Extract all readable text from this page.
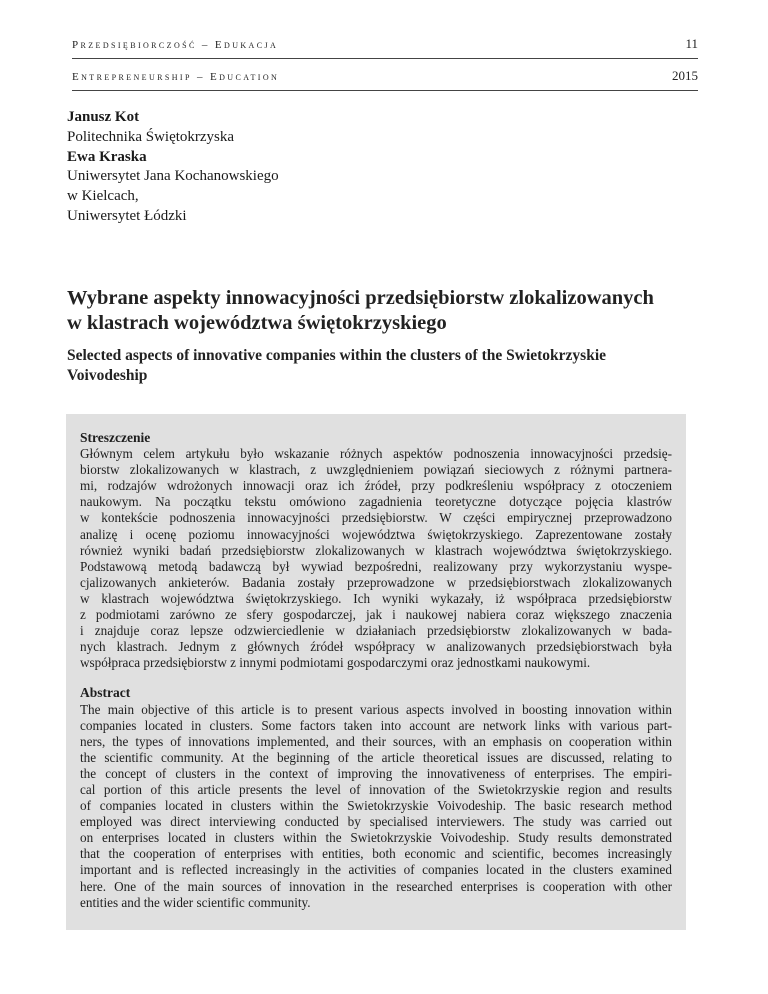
Przedsiębiorczość – Edukacja	11
Entrepreneurship – Education	2015
Janusz Kot
Politechnika Świętokrzyska
Ewa Kraska
Uniwersytet Jana Kochanowskiego
w Kielcach,
Uniwersytet Łódzki
Wybrane aspekty innowacyjności przedsiębiorstw zlokalizowanych
w klastrach województwa świętokrzyskiego
Selected aspects of innovative companies within the clusters of the Swietokrzyskie
Voivodeship
Streszczenie
Głównym celem artykułu było wskazanie różnych aspektów podnoszenia innowacyjności przedsię-
biorstw zlokalizowanych w klastrach, z uwzględnieniem powiązań sieciowych z różnymi partnera-
mi, rodzajów wdrożonych innowacji oraz ich źródeł, przy podkreśleniu współpracy z otoczeniem
naukowym. Na początku tekstu omówiono zagadnienia teoretyczne dotyczące pojęcia klastrów
w kontekście podnoszenia innowacyjności przedsiębiorstw. W części empirycznej przeprowadzono
analizę i ocenę poziomu innowacyjności województwa świętokrzyskiego. Zaprezentowane zostały
również wyniki badań przedsiębiorstw zlokalizowanych w klastrach województwa świętokrzyskiego.
Podstawową metodą badawczą był wywiad bezpośredni, realizowany przy wykorzystaniu wyspe-
cjalizowanych ankieterów. Badania zostały przeprowadzone w przedsiębiorstwach zlokalizowanych
w klastrach województwa świętokrzyskiego. Ich wyniki wykazały, iż współpraca przedsiębiorstw
z podmiotami zarówno ze sfery gospodarczej, jak i naukowej nabiera coraz większego znaczenia
i znajduje coraz lepsze odzwierciedlenie w działaniach przedsiębiorstw zlokalizowanych w bada-
nych klastrach. Jednym z głównych źródeł współpracy w analizowanych przedsiębiorstwach była
współpraca przedsiębiorstw z innymi podmiotami gospodarczymi oraz jednostkami naukowymi.
Abstract
The main objective of this article is to present various aspects involved in boosting innovation within
companies located in clusters. Some factors taken into account are network links with various part-
ners, the types of innovations implemented, and their sources, with an emphasis on cooperation within
the scientific community. At the beginning of the article theoretical issues are discussed, relating to
the concept of clusters in the context of improving the innovativeness of enterprises. The empiri-
cal portion of this article presents the level of innovation of the Swietokrzyskie region and results
of companies located in clusters within the Swietokrzyskie Voivodeship. The basic research method
employed was direct interviewing conducted by specialised interviewers. The study was carried out
on enterprises located in clusters within the Swietokrzyskie Voivodeship. Study results demonstrated
that the cooperation of enterprises with entities, both economic and scientific, becomes increasingly
important and is reflected increasingly in the activities of companies located in the clusters examined
here. One of the main sources of innovation in the researched enterprises is cooperation with other
entities and the wider scientific community.
